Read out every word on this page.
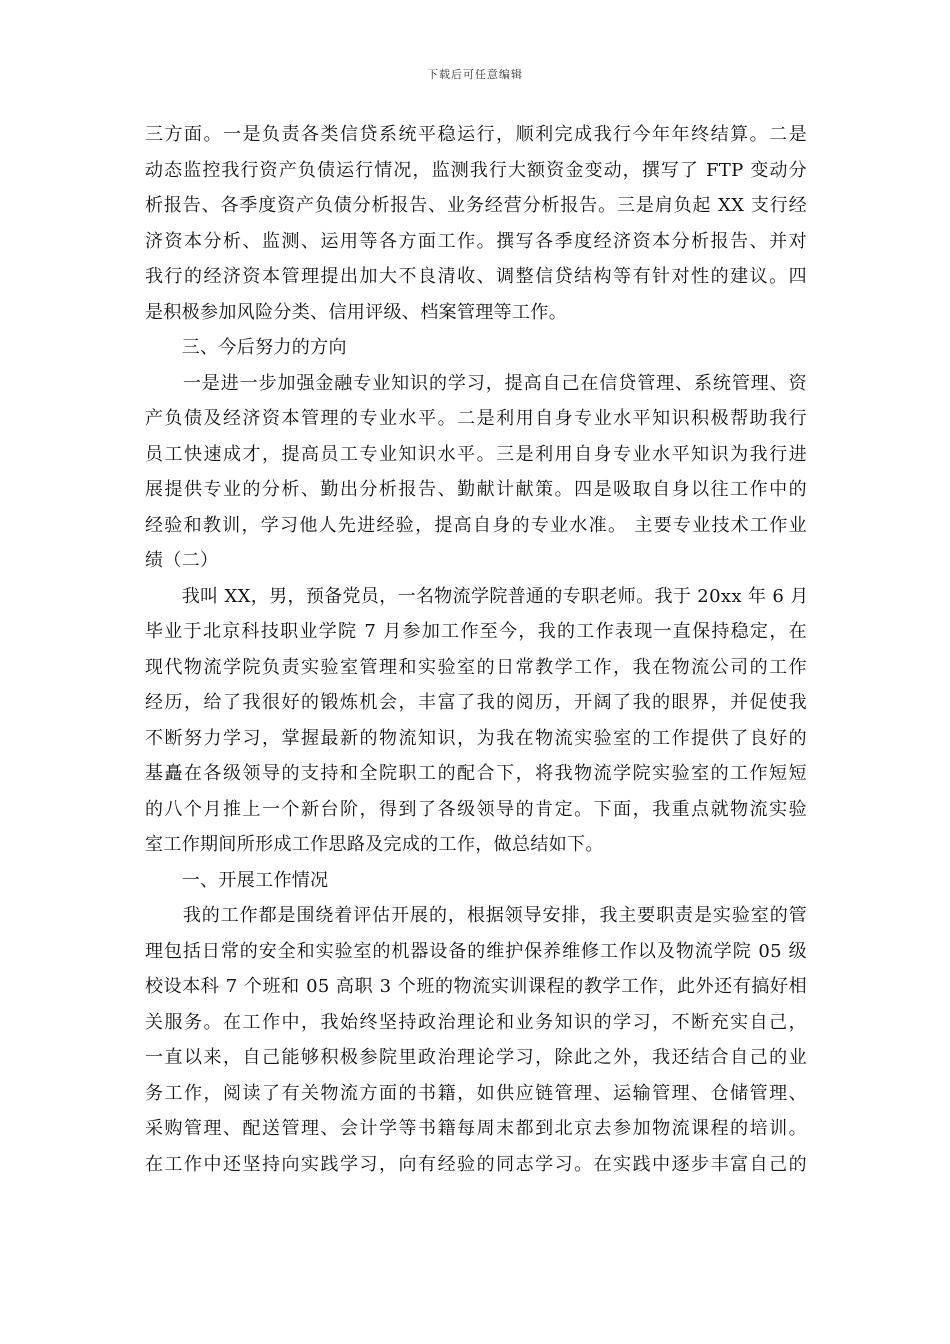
下载后可任意编辑
三方面。一是负责各类信贷系统平稳运行，顺利完成我行今年年终结算。二是
动态监控我行资产负债运行情况，监测我行大额资金变动，撰写了 FTP 变动分
析报告、各季度资产负债分析报告、业务经营分析报告。三是肩负起 XX 支行经
济资本分析、监测、运用等各方面工作。撰写各季度经济资本分析报告、并对
我行的经济资本管理提出加大不良清收、调整信贷结构等有针对性的建议。四
是积极参加风险分类、信用评级、档案管理等工作。
　　三、今后努力的方向
　　一是进一步加强金融专业知识的学习，提高自己在信贷管理、系统管理、资
产负债及经济资本管理的专业水平。二是利用自身专业水平知识积极帮助我行
员工快速成才，提高员工专业知识水平。三是利用自身专业水平知识为我行进
展提供专业的分析、勤出分析报告、勤献计献策。四是吸取自身以往工作中的
经验和教训，学习他人先进经验，提高自身的专业水准。 主要专业技术工作业
绩（二）
　　我叫 XX，男，预备党员，一名物流学院普通的专职老师。我于 20xx 年 6 月
毕业于北京科技职业学院 7 月参加工作至今，我的工作表现一直保持稳定，在
现代物流学院负责实验室管理和实验室的日常教学工作，我在物流公司的工作
经历，给了我很好的锻炼机会，丰富了我的阅历，开阔了我的眼界，并促使我
不断努力学习，掌握最新的物流知识，为我在物流实验室的工作提供了良好的
基矗在各级领导的支持和全院职工的配合下，将我物流学院实验室的工作短短
的八个月推上一个新台阶，得到了各级领导的肯定。下面，我重点就物流实验
室工作期间所形成工作思路及完成的工作，做总结如下。
　　一、开展工作情况
　　我的工作都是围绕着评估开展的，根据领导安排，我主要职责是实验室的管
理包括日常的安全和实验室的机器设备的维护保养维修工作以及物流学院 05 级
校设本科 7 个班和 05 高职 3 个班的物流实训课程的教学工作，此外还有搞好相
关服务。在工作中，我始终坚持政治理论和业务知识的学习，不断充实自己，
一直以来，自己能够积极参院里政治理论学习，除此之外，我还结合自己的业
务工作，阅读了有关物流方面的书籍，如供应链管理、运输管理、仓储管理、
采购管理、配送管理、会计学等书籍每周末都到北京去参加物流课程的培训。
在工作中还坚持向实践学习，向有经验的同志学习。在实践中逐步丰富自己的
